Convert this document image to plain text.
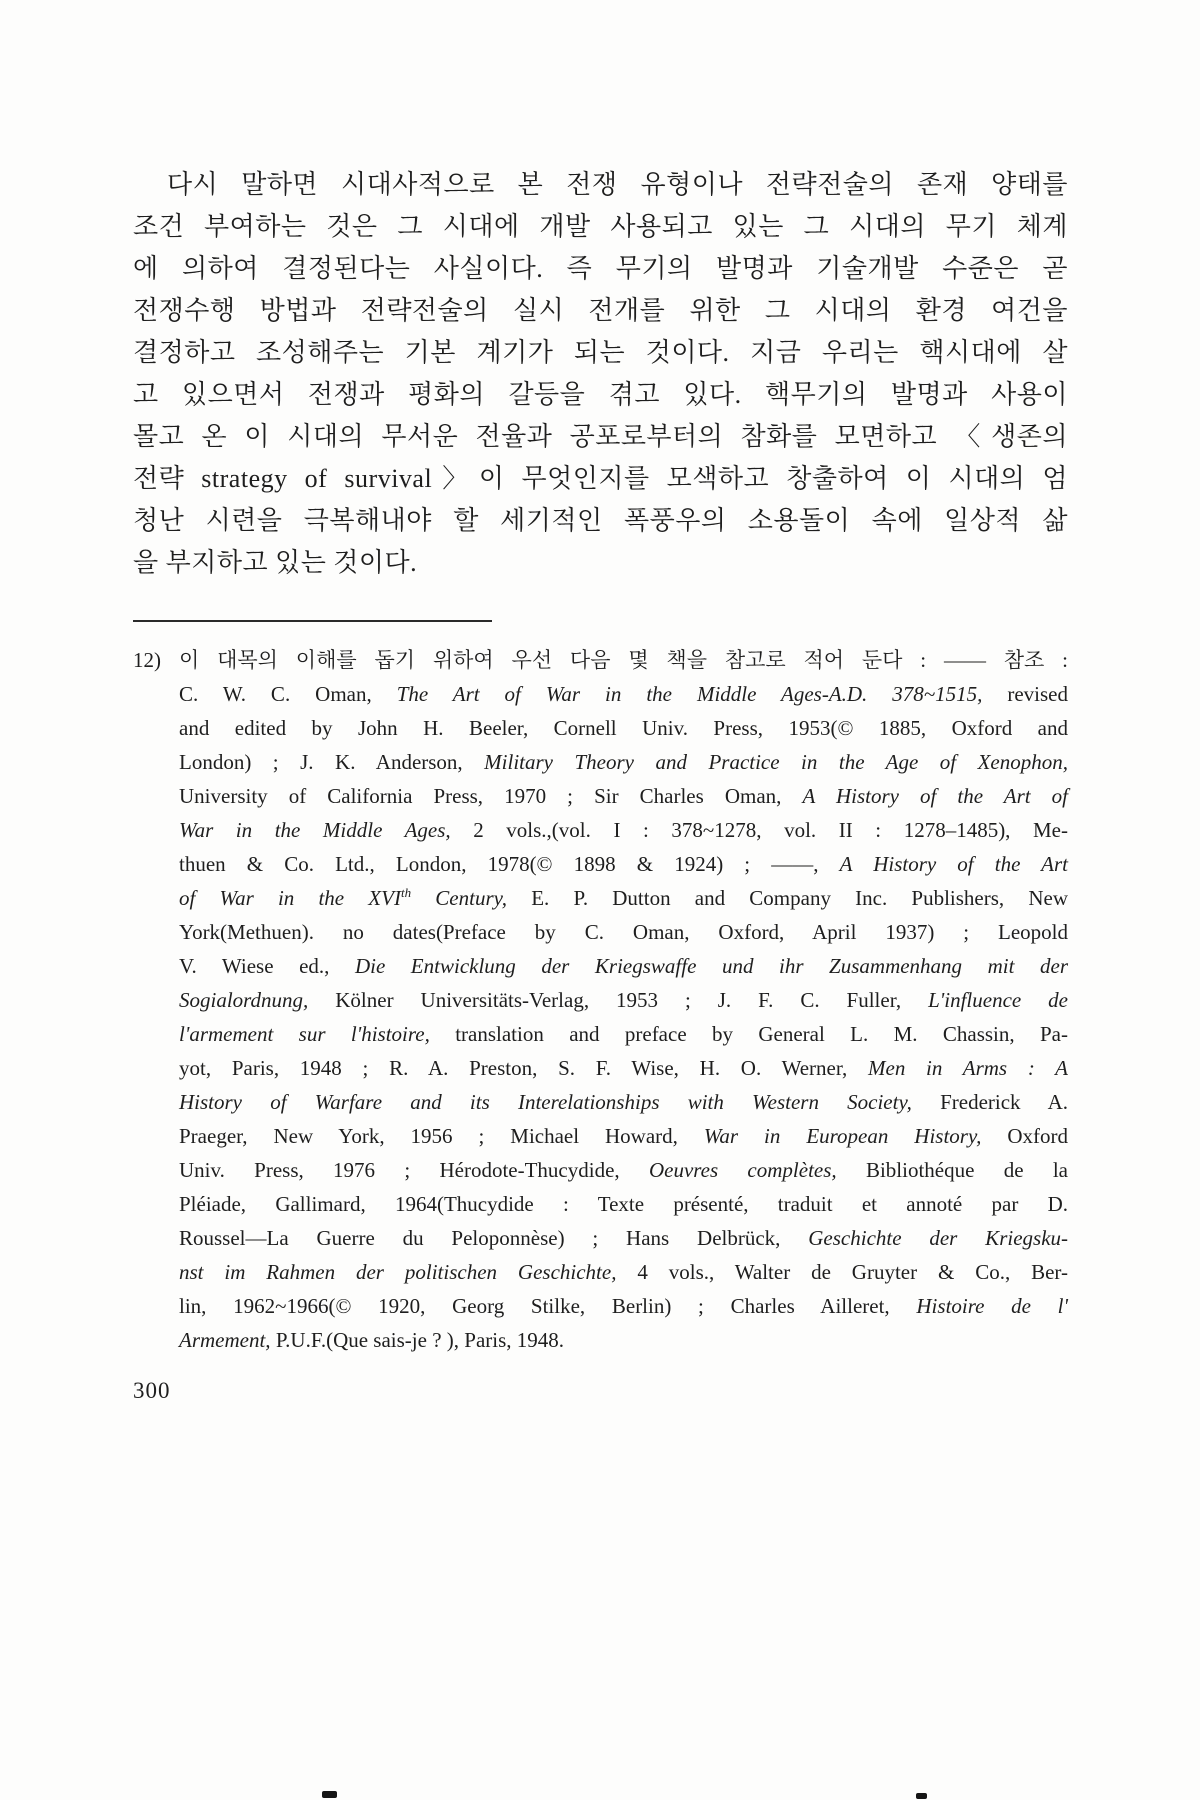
다시 말하면 시대사적으로 본 전쟁 유형이나 전략전술의 존재 양태를
조건 부여하는 것은 그 시대에 개발 사용되고 있는 그 시대의 무기 체계
에 의하여 결정된다는 사실이다. 즉 무기의 발명과 기술개발 수준은 곧
전쟁수행 방법과 전략전술의 실시 전개를 위한 그 시대의 환경 여건을
결정하고 조성해주는 기본 계기가 되는 것이다. 지금 우리는 핵시대에 살
고 있으면서 전쟁과 평화의 갈등을 겪고 있다. 핵무기의 발명과 사용이
몰고 온 이 시대의 무서운 전율과 공포로부터의 참화를 모면하고 〈생존의
전략 strategy of survival〉이 무엇인지를 모색하고 창출하여 이 시대의 엄
청난 시련을 극복해내야 할 세기적인 폭풍우의 소용돌이 속에 일상적 삶
을 부지하고 있는 것이다.
12) 이 대목의 이해를 돕기 위하여 우선 다음 몇 책을 참고로 적어 둔다 : —— 참조 :
C. W. C. Oman, The Art of War in the Middle Ages-A.D. 378~1515, revised
and edited by John H. Beeler, Cornell Univ. Press, 1953(© 1885, Oxford and
London) ; J. K. Anderson, Military Theory and Practice in the Age of Xenophon,
University of California Press, 1970 ; Sir Charles Oman, A History of the Art of
War in the Middle Ages, 2 vols.,(vol. I : 378~1278, vol. II : 1278–1485), Me-
thuen & Co. Ltd., London, 1978(© 1898 & 1924) ; ——, A History of the Art
of War in the XVIth Century, E. P. Dutton and Company Inc. Publishers, New
York(Methuen). no dates(Preface by C. Oman, Oxford, April 1937) ; Leopold
V. Wiese ed., Die Entwicklung der Kriegswaffe und ihr Zusammenhang mit der
Sogialordnung, Kölner Universitäts-Verlag, 1953 ; J. F. C. Fuller, L'influence de
l'armement sur l'histoire, translation and preface by General L. M. Chassin, Pa-
yot, Paris, 1948 ; R. A. Preston, S. F. Wise, H. O. Werner, Men in Arms : A
History of Warfare and its Interelationships with Western Society, Frederick A.
Praeger, New York, 1956 ; Michael Howard, War in European History, Oxford
Univ. Press, 1976 ; Hérodote-Thucydide, Oeuvres complètes, Bibliothéque de la
Pléiade, Gallimard, 1964(Thucydide : Texte présenté, traduit et annoté par D.
Roussel—La Guerre du Peloponnèse) ; Hans Delbrück, Geschichte der Kriegsku-
nst im Rahmen der politischen Geschichte, 4 vols., Walter de Gruyter & Co., Ber-
lin, 1962~1966(© 1920, Georg Stilke, Berlin) ; Charles Ailleret, Histoire de l'
Armement, P.U.F.(Que sais-je ? ), Paris, 1948.
300
